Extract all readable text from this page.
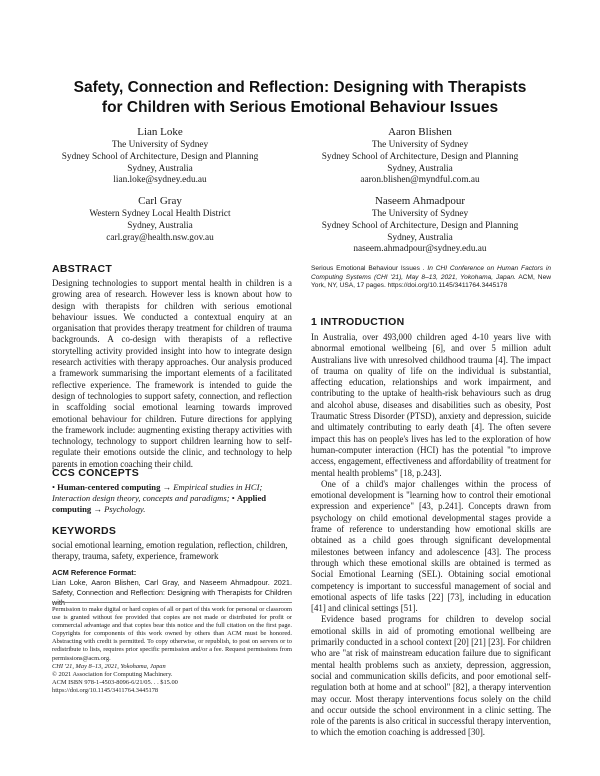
Safety, Connection and Reflection: Designing with Therapists
for Children with Serious Emotional Behaviour Issues
Lian Loke
The University of Sydney
Sydney School of Architecture, Design and Planning
Sydney, Australia
lian.loke@sydney.edu.au
Aaron Blishen
The University of Sydney
Sydney School of Architecture, Design and Planning
Sydney, Australia
aaron.blishen@myndful.com.au
Carl Gray
Western Sydney Local Health District
Sydney, Australia
carl.gray@health.nsw.gov.au
Naseem Ahmadpour
The University of Sydney
Sydney School of Architecture, Design and Planning
Sydney, Australia
naseem.ahmadpour@sydney.edu.au
ABSTRACT

Designing technologies to support mental health in children is a growing area of research. However less is known about how to design with therapists for children with serious emotional behaviour issues. We conducted a contextual enquiry at an organisation that provides therapy treatment for children of trauma backgrounds. A co-design with therapists of a reflective storytelling activity provided insight into how to integrate design research activities with therapy approaches. Our analysis produced a framework summarising the important elements of a facilitated reflective experience. The framework is intended to guide the design of technologies to support safety, connection, and reflection in scaffolding social emotional learning towards improved emotional behaviour for children. Future directions for applying the framework include: augmenting existing therapy activities with technology, technology to support children learning how to self-regulate their emotions outside the clinic, and technology to help parents in emotion coaching their child.

CCS CONCEPTS
• Human-centered computing → Empirical studies in HCI; Interaction design theory, concepts and paradigms; • Applied computing → Psychology.
KEYWORDS
social emotional learning, emotion regulation, reflection, children, therapy, trauma, safety, experience, framework
ACM Reference Format:
Lian Loke, Aaron Blishen, Carl Gray, and Naseem Ahmadpour. 2021. Safety, Connection and Reflection: Designing with Therapists for Children with
Permission to make digital or hard copies of all or part of this work for personal or classroom use is granted without fee provided that copies are not made or distributed for profit or commercial advantage and that copies bear this notice and the full citation on the first page. Copyrights for components of this work owned by others than ACM must be honored. Abstracting with credit is permitted. To copy otherwise, or republish, to post on servers or to redistribute to lists, requires prior specific permission and/or a fee. Request permissions from permissions@acm.org.
CHI '21, May 8–13, 2021, Yokohama, Japan
© 2021 Association for Computing Machinery.
ACM ISBN 978-1-4503-8096-6/21/05. . . $15.00
https://doi.org/10.1145/3411764.3445178
Serious Emotional Behaviour Issues . In CHI Conference on Human Factors in Computing Systems (CHI '21), May 8–13, 2021, Yokohama, Japan. ACM, New York, NY, USA, 17 pages. https://doi.org/10.1145/3411764.3445178
1 INTRODUCTION

In Australia, over 493,000 children aged 4-10 years live with abnormal emotional wellbeing [6], and over 5 million adult Australians live with unresolved childhood trauma [4]. The impact of trauma on quality of life on the individual is substantial, affecting education, relationships and work impairment, and contributing to the uptake of health-risk behaviours such as drug and alcohol abuse, diseases and disabilities such as obesity, Post Traumatic Stress Disorder (PTSD), anxiety and depression, suicide and ultimately contributing to early death [4]. The often severe impact this has on people's lives has led to the exploration of how human-computer interaction (HCI) has the potential "to improve access, engagement, effectiveness and affordability of treatment for mental health problems" [18, p.243].

One of a child's major challenges within the process of emotional development is "learning how to control their emotional expression and experience" [43, p.241]. Concepts drawn from psychology on child emotional developmental stages provide a frame of reference to understanding how emotional skills are obtained as a child goes through significant developmental milestones between infancy and adolescence [43]. The process through which these emotional skills are obtained is termed as Social Emotional Learning (SEL). Obtaining social emotional competency is important to successful management of social and emotional aspects of life tasks [22] [73], including in education [41] and clinical settings [51].

Evidence based programs for children to develop social emotional skills in aid of promoting emotional wellbeing are primarily conducted in a school context [20] [21] [23]. For children who are "at risk of mainstream education failure due to significant mental health problems such as anxiety, depression, aggression, social and communication skills deficits, and poor emotional self-regulation both at home and at school" [82], a therapy intervention may occur. Most therapy interventions focus solely on the child and occur outside the school environment in a clinic setting. The role of the parents is also critical in successful therapy intervention, to which the emotion coaching is addressed [30].
